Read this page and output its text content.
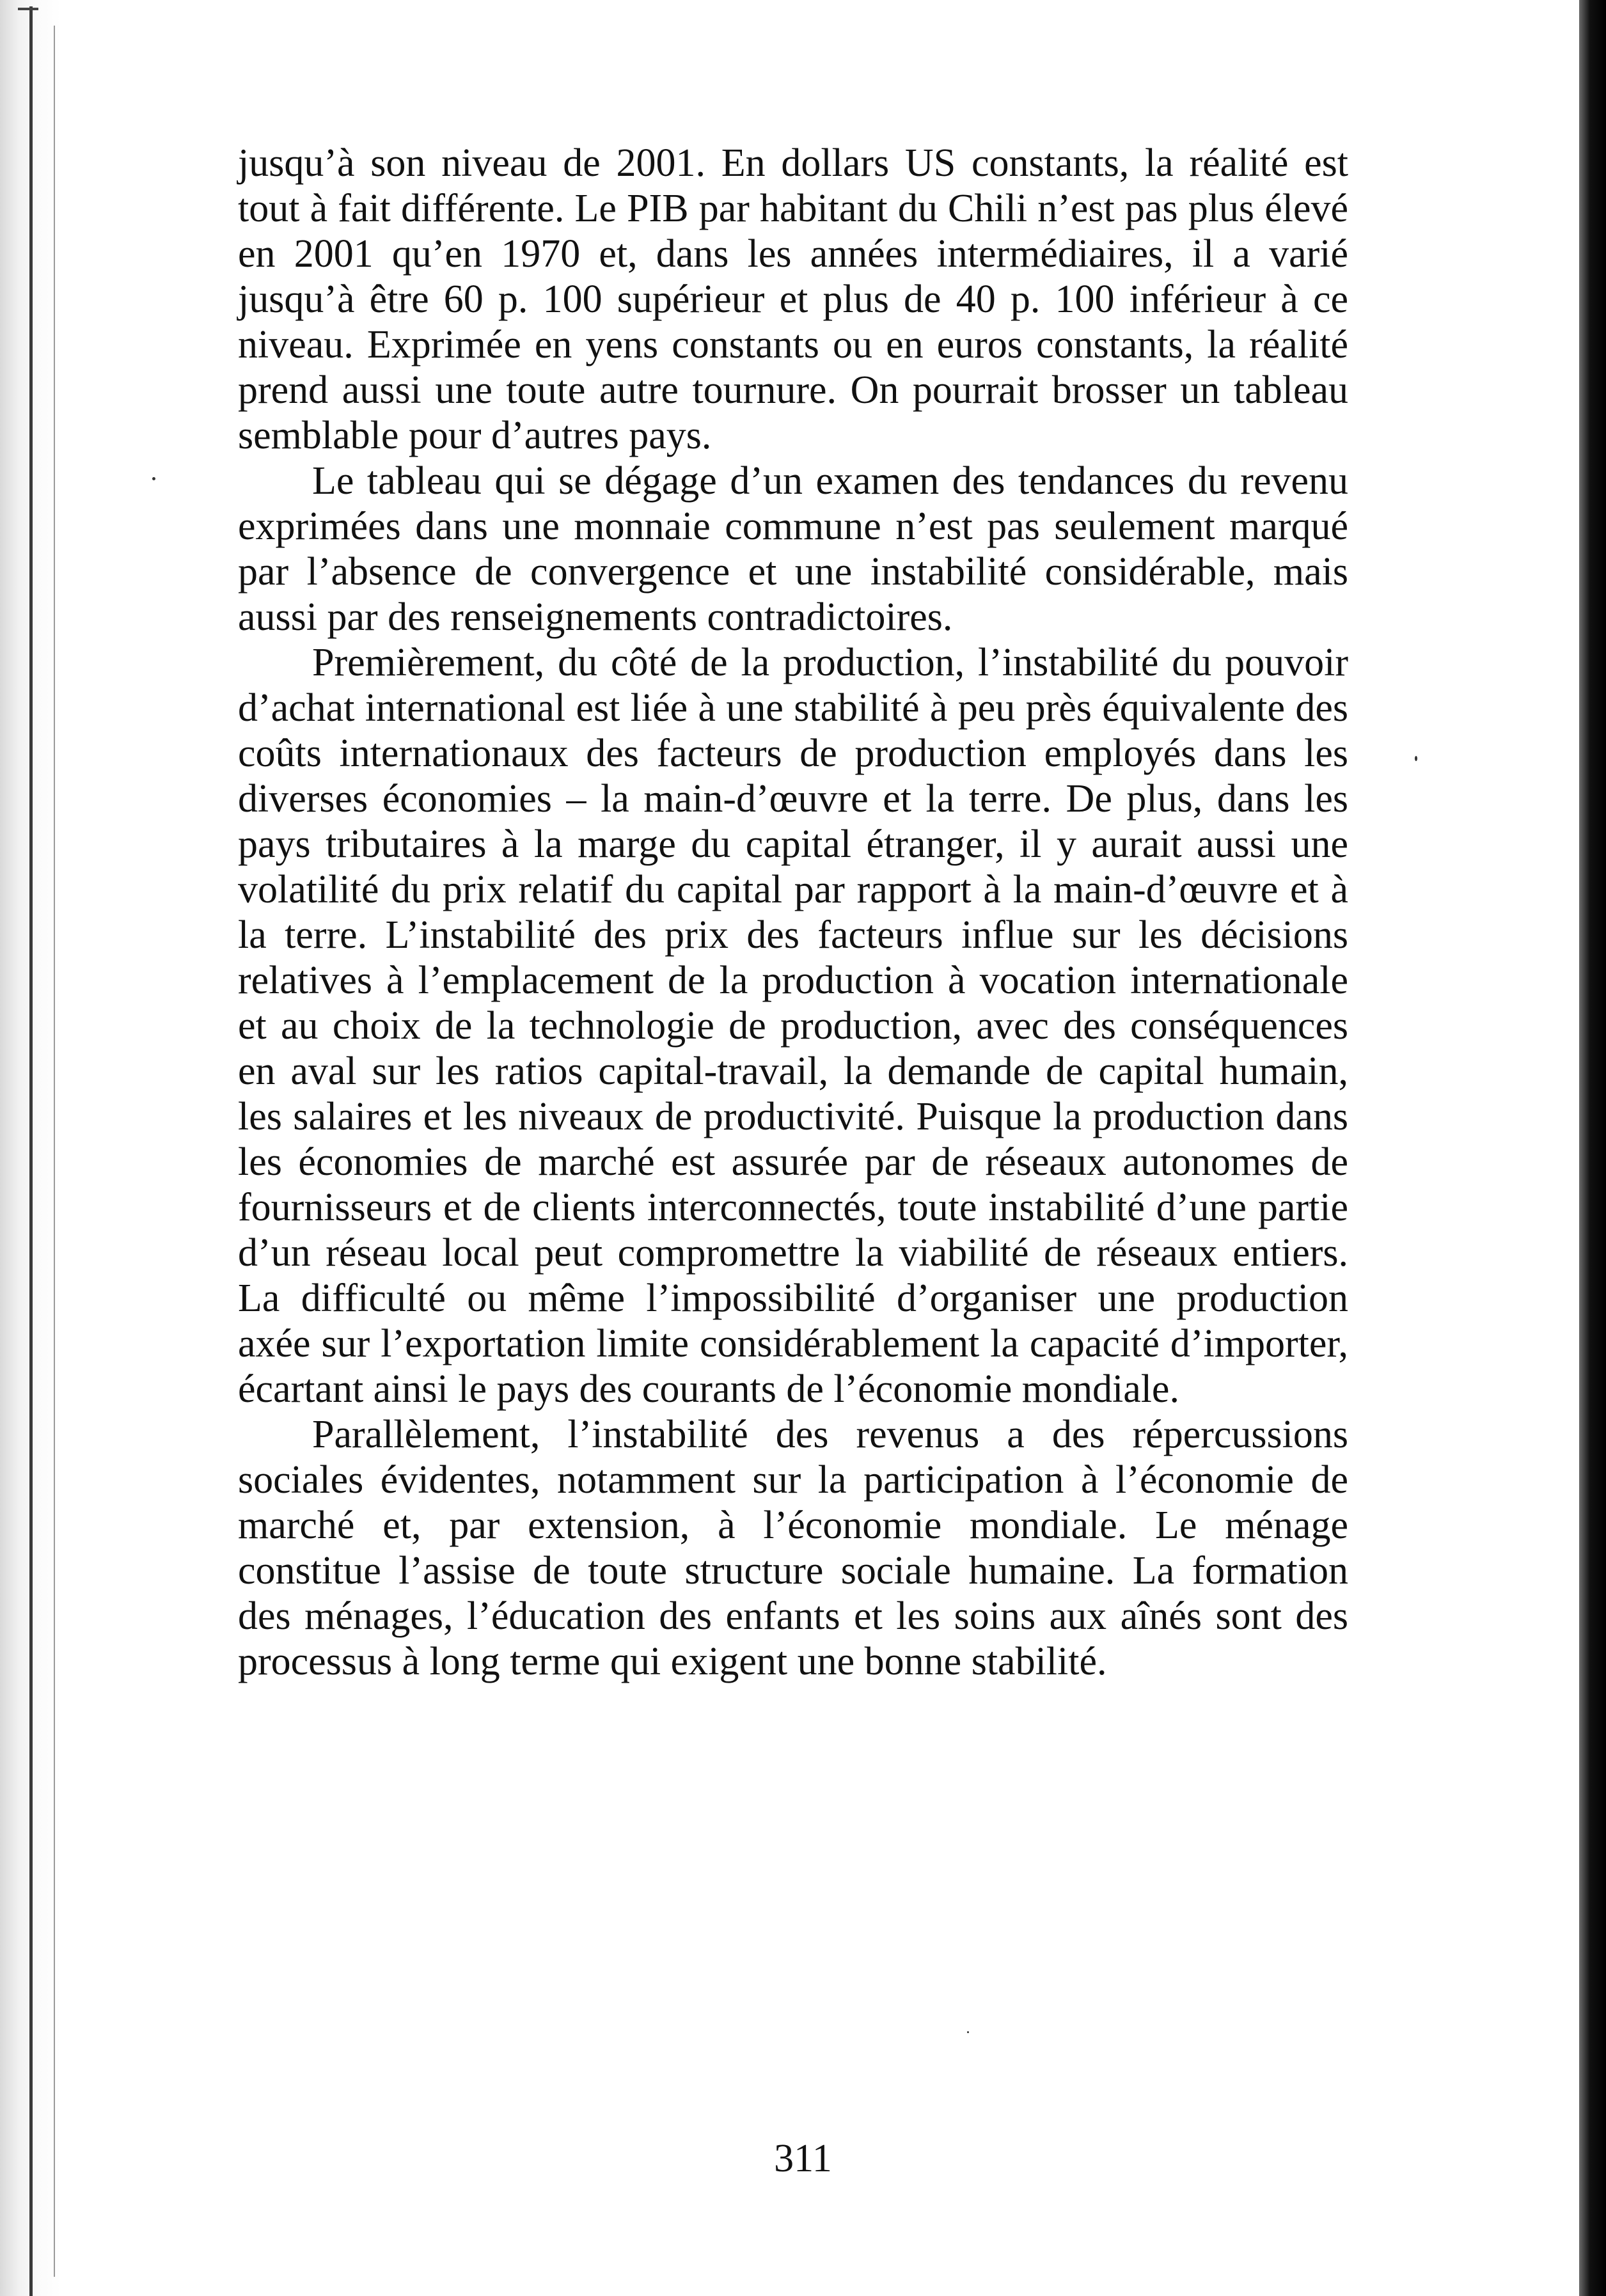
jusqu’à son niveau de 2001. En dollars US constants, la réalité est tout à fait différente. Le PIB par habitant du Chili n’est pas plus élevé en 2001 qu’en 1970 et, dans les années intermédiaires, il a varié jusqu’à être 60 p. 100 supérieur et plus de 40 p. 100 inférieur à ce niveau. Exprimée en yens constants ou en euros constants, la réalité prend aussi une toute autre tournure. On pourrait brosser un tableau semblable pour d’autres pays.

Le tableau qui se dégage d’un examen des tendances du revenu exprimées dans une monnaie commune n’est pas seulement marqué par l’absence de convergence et une instabilité considérable, mais aussi par des renseignements contradictoires.

Premièrement, du côté de la production, l’instabilité du pouvoir d’achat international est liée à une stabilité à peu près équivalente des coûts internationaux des facteurs de production employés dans les diverses économies – la main-d’œuvre et la terre. De plus, dans les pays tributaires à la marge du capital étranger, il y aurait aussi une volatilité du prix relatif du capital par rapport à la main-d’œuvre et à la terre. L’instabilité des prix des facteurs influe sur les décisions relatives à l’emplacement de la production à vocation internationale et au choix de la technologie de production, avec des conséquences en aval sur les ratios capital-travail, la demande de capital humain, les salaires et les niveaux de productivité. Puisque la production dans les économies de marché est assurée par de réseaux autonomes de fournisseurs et de clients interconnectés, toute instabilité d’une partie d’un réseau local peut compromettre la viabilité de réseaux entiers. La difficulté ou même l’impossibilité d’organiser une production axée sur l’exportation limite considérablement la capacité d’importer, écartant ainsi le pays des courants de l’économie mondiale.

Parallèlement, l’instabilité des revenus a des répercussions sociales évidentes, notamment sur la participation à l’économie de marché et, par extension, à l’économie mondiale. Le ménage constitue l’assise de toute structure sociale humaine. La formation des ménages, l’éducation des enfants et les soins aux aînés sont des processus à long terme qui exigent une bonne stabilité.

311
